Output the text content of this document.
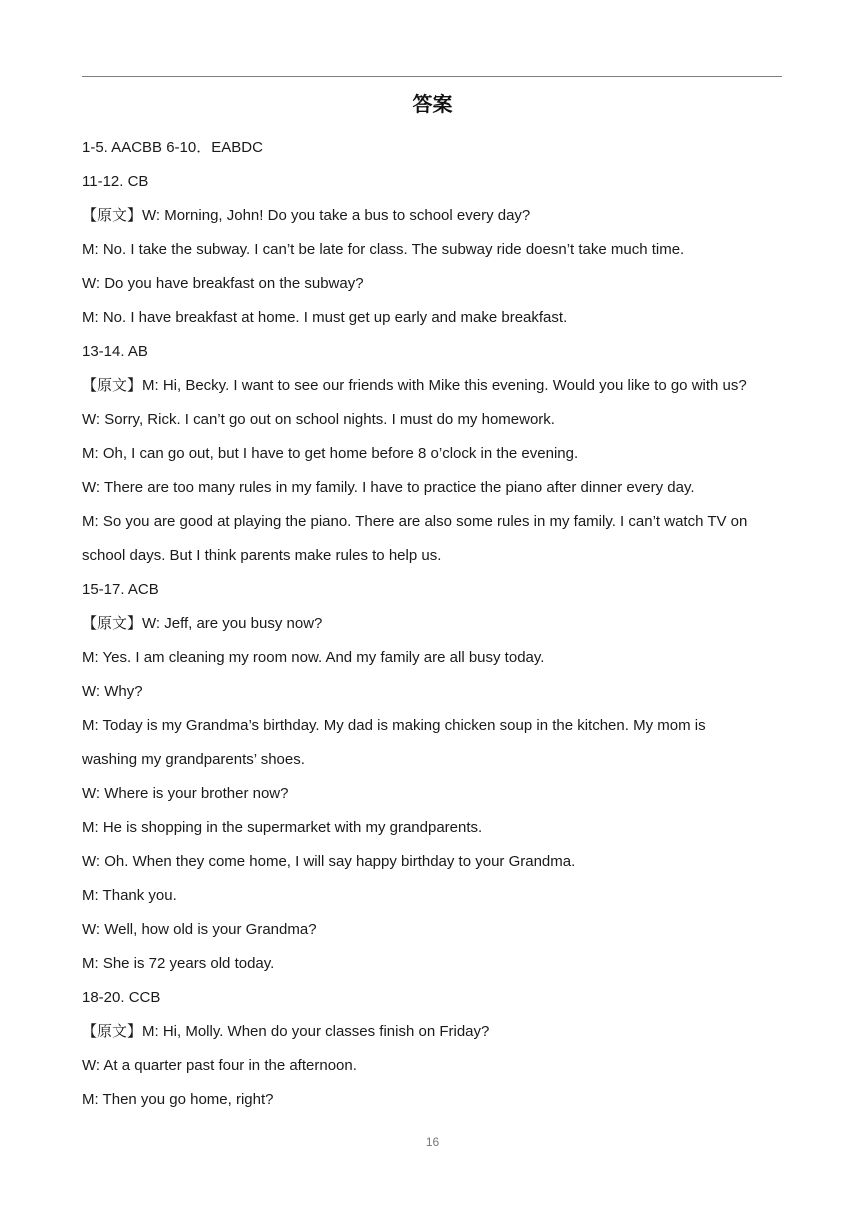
答案
1-5. AACBB 6-10．EABDC
11-12. CB
【原文】W: Morning, John! Do you take a bus to school every day?
M: No. I take the subway. I can’t be late for class. The subway ride doesn’t take much time.
W: Do you have breakfast on the subway?
M: No. I have breakfast at home. I must get up early and make breakfast.
13-14. AB
【原文】M: Hi, Becky. I want to see our friends with Mike this evening. Would you like to go with us?
W: Sorry, Rick. I can’t go out on school nights. I must do my homework.
M: Oh, I can go out, but I have to get home before 8 o’clock in the evening.
W: There are too many rules in my family. I have to practice the piano after dinner every day.
M: So you are good at playing the piano. There are also some rules in my family. I can’t watch TV on
school days. But I think parents make rules to help us.
15-17. ACB
【原文】W: Jeff, are you busy now?
M: Yes. I am cleaning my room now. And my family are all busy today.
W: Why?
M: Today is my Grandma’s birthday. My dad is making chicken soup in the kitchen. My mom is
washing my grandparents’ shoes.
W: Where is your brother now?
M: He is shopping in the supermarket with my grandparents.
W: Oh. When they come home, I will say happy birthday to your Grandma.
M: Thank you.
W: Well, how old is your Grandma?
M: She is 72 years old today.
18-20. CCB
【原文】M: Hi, Molly. When do your classes finish on Friday?
W: At a quarter past four in the afternoon.
M: Then you go home, right?
16
